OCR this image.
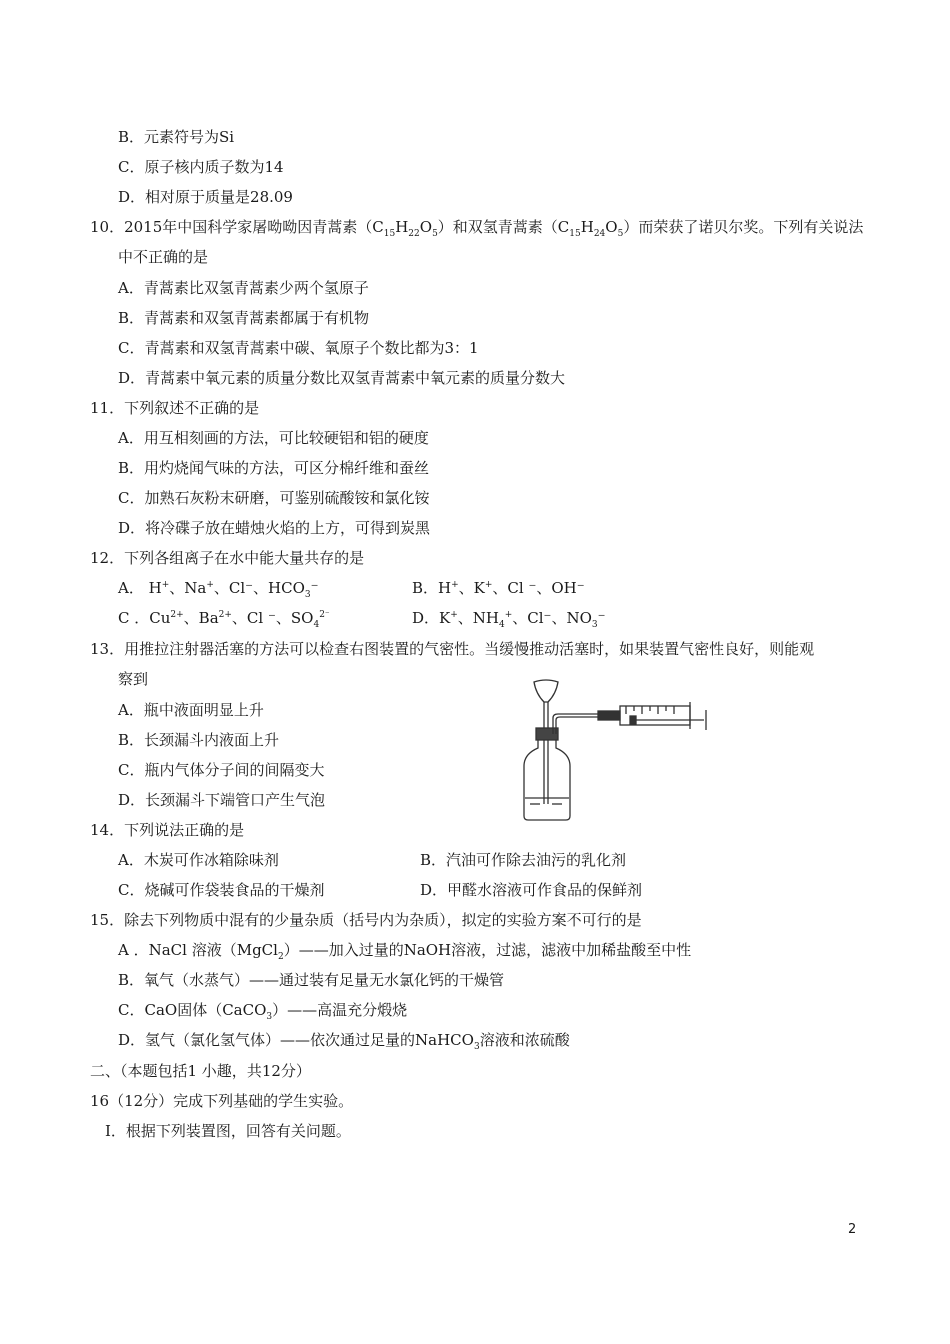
B．元素符号为Si
C．原子核内质子数为14
D．相对原于质量是28.09
10．2015年中国科学家屠呦呦因青蒿素$(C_{15}H_{22}O_5)$和双氢青蒿素$(C_{15}H_{24}O_5)$而荣获了诺贝尔奖。下列有关说法
中不正确的是
A．青蒿素比双氢青蒿素少两个氢原子
B．青蒿素和双氢青蒿素都属于有机物
C．青蒿素和双氢青蒿素中碳、氧原子个数比都为3：1
D．青蒿素中氧元素的质量分数比双氢青蒿素中氧元素的质量分数大
11．下列叙述不正确的是
A．用互相刻画的方法，可比较硬铝和铝的硬度
B．用灼烧闻气味的方法，可区分棉纤维和蚕丝
C．加熟石灰粉末研磨，可鉴别硫酸铵和氯化铵
D．将冷碟子放在蜡烛火焰的上方，可得到炭黑
12．下列各组离子在水中能大量共存的是
A． H+、Na+、Cl⁻、$HCO_3^-$	B．H+、K+、Cl ⁻、OH⁻
C ．$Cu^{2+}$、$Ba^{2+}$、Cl ⁻、$SO_4^{2^-}$	D．K+、$NH_4^+$、Cl⁻、$NO_3^-$
13．用推拉注射器活塞的方法可以检查右图装置的气密性。当缓慢推动活塞时，如果装置气密性良好，则能观
察到
A．瓶中液面明显上升
B．长颈漏斗内液面上升
C．瓶内气体分子间的间隔变大
D．长颈漏斗下端管口产生气泡
14．下列说法正确的是
A．木炭可作冰箱除味剂	B．汽油可作除去油污的乳化剂
C．烧碱可作袋装食品的干燥剂	D．甲醛水溶液可作食品的保鲜剂
15．除去下列物质中混有的少量杂质（括号内为杂质），拟定的实验方案不可行的是
A ．NaCl 溶液（MgCl$_2$）——加入过量的NaOH溶液，过滤，滤液中加稀盐酸至中性
B．氧气（水蒸气）——通过装有足量无水氯化钙的干燥管
C．CaO固体（CaCO$_3$）——高温充分煅烧
D．氢气（氯化氢气体）——依次通过足量的NaHCO$_3$溶液和浓硫酸
二、（本题包括1 小趣，共12分）
16（12分）完成下列基础的学生实验。
I．根据下列装置图，回答有关问题。
2
